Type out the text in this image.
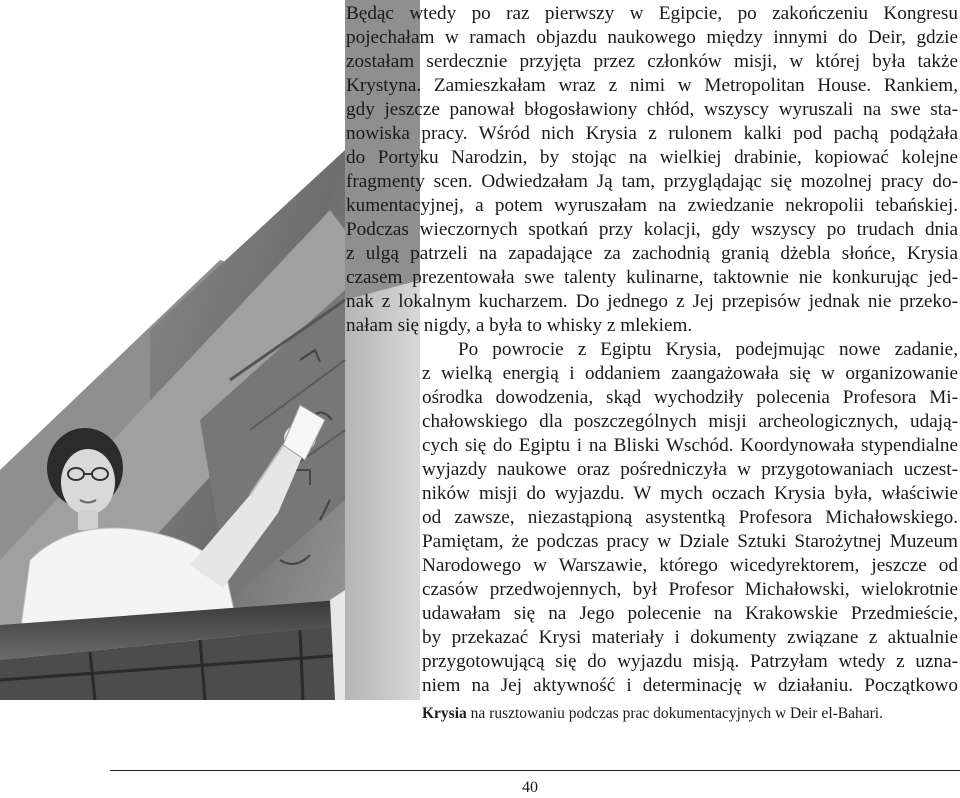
Będąc wtedy po raz pierwszy w Egipcie, po zakończeniu Kongresu
pojechałam w ramach objazdu naukowego między innymi do Deir, gdzie
zostałam serdecznie przyjęta przez członków misji, w której była także
Krystyna. Zamieszkałam wraz z nimi w Metropolitan House. Rankiem,
gdy jeszcze panował błogosławiony chłód, wszyscy wyruszali na swe sta-
nowiska pracy. Wśród nich Krysia z rulonem kalki pod pachą podążała
do Portyku Narodzin, by stojąc na wielkiej drabinie, kopiować kolejne
fragmenty scen. Odwiedzałam Ją tam, przyglądając się mozolnej pracy do-
kumentacyjnej, a potem wyruszałam na zwiedzanie nekropolii tebańskiej.
Podczas wieczornych spotkań przy kolacji, gdy wszyscy po trudach dnia
z ulgą patrzeli na zapadające za zachodnią granią dżebla słońce, Krysia
czasem prezentowała swe talenty kulinarne, taktownie nie konkurując jed-
nak z lokalnym kucharzem. Do jednego z Jej przepisów jednak nie przeko-
nałam się nigdy, a była to whisky z mlekiem.
Po powrocie z Egiptu Krysia, podejmując nowe zadanie,
z wielką energią i oddaniem zaangażowała się w organizowanie
ośrodka dowodzenia, skąd wychodziły polecenia Profesora Mi-
chałowskiego dla poszczególnych misji archeologicznych, udają-
cych się do Egiptu i na Bliski Wschód. Koordynowała stypendialne
wyjazdy naukowe oraz pośredniczyła w przygotowaniach uczest-
ników misji do wyjazdu. W mych oczach Krysia była, właściwie
od zawsze, niezastąpioną asystentką Profesora Michałowskiego.
Pamiętam, że podczas pracy w Dziale Sztuki Starożytnej Muzeum
Narodowego w Warszawie, którego wicedyrektorem, jeszcze od
czasów przedwojennych, był Profesor Michałowski, wielokrotnie
udawałam się na Jego polecenie na Krakowskie Przedmieście,
by przekazać Krysi materiały i dokumenty związane z aktualnie
przygotowującą się do wyjazdu misją. Patrzyłam wtedy z uzna-
niem na Jej aktywność i determinację w działaniu. Początkowo
Krysia na rusztowaniu podczas prac dokumentacyjnych w Deir el-Bahari.
40
